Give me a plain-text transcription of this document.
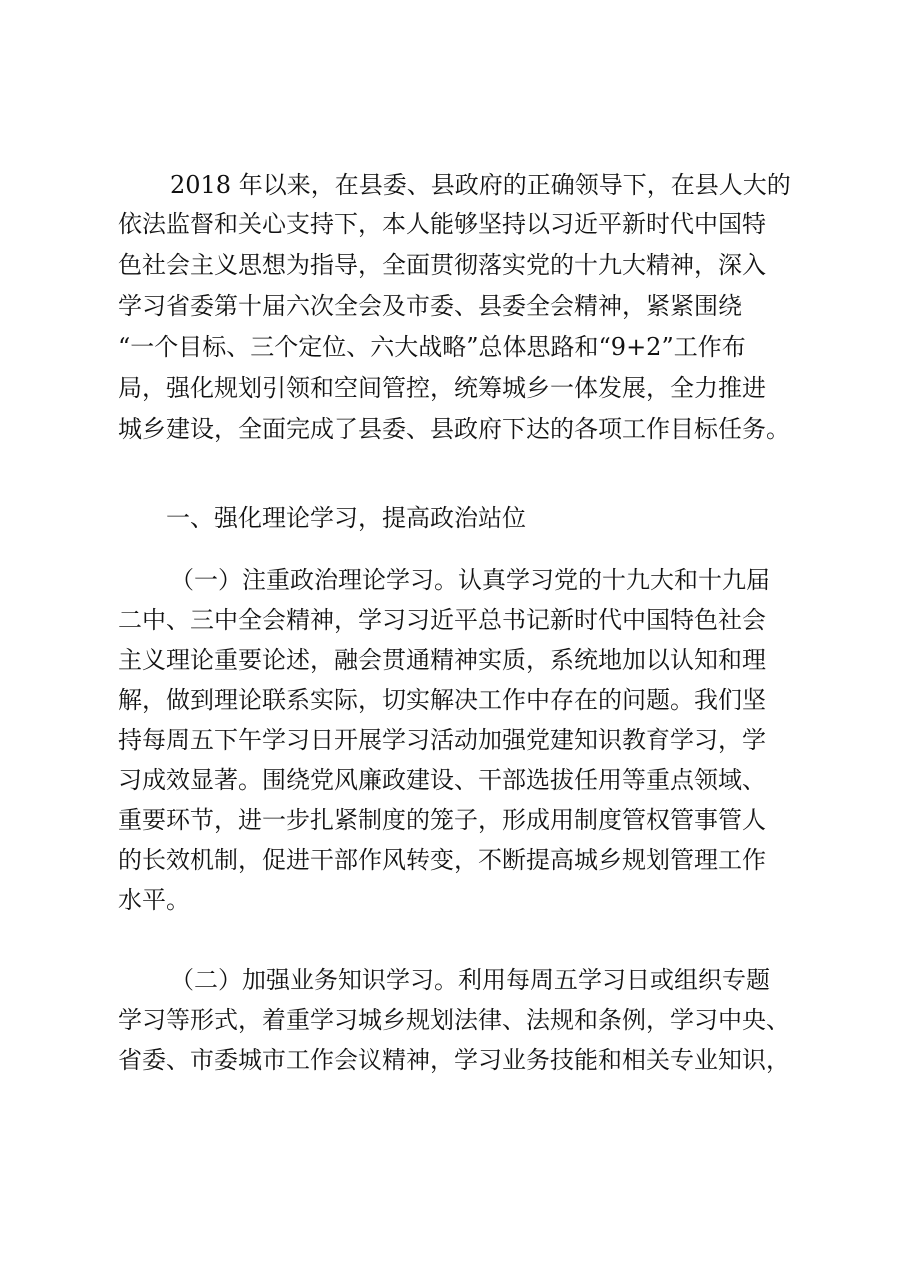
2018 年以来，在县委、县政府的正确领导下，在县人大的
依法监督和关心支持下，本人能够坚持以习近平新时代中国特
色社会主义思想为指导，全面贯彻落实党的十九大精神，深入
学习省委第十届六次全会及市委、县委全会精神，紧紧围绕
“一个目标、三个定位、六大战略”总体思路和“9+2”工作布
局，强化规划引领和空间管控，统筹城乡一体发展，全力推进
城乡建设，全面完成了县委、县政府下达的各项工作目标任务。
一、强化理论学习，提高政治站位
（一）注重政治理论学习。认真学习党的十九大和十九届
二中、三中全会精神，学习习近平总书记新时代中国特色社会
主义理论重要论述，融会贯通精神实质，系统地加以认知和理
解，做到理论联系实际，切实解决工作中存在的问题。我们坚
持每周五下午学习日开展学习活动加强党建知识教育学习，学
习成效显著。围绕党风廉政建设、干部选拔任用等重点领域、
重要环节，进一步扎紧制度的笼子，形成用制度管权管事管人
的长效机制，促进干部作风转变，不断提高城乡规划管理工作
水平。
（二）加强业务知识学习。利用每周五学习日或组织专题
学习等形式，着重学习城乡规划法律、法规和条例，学习中央、
省委、市委城市工作会议精神，学习业务技能和相关专业知识，
